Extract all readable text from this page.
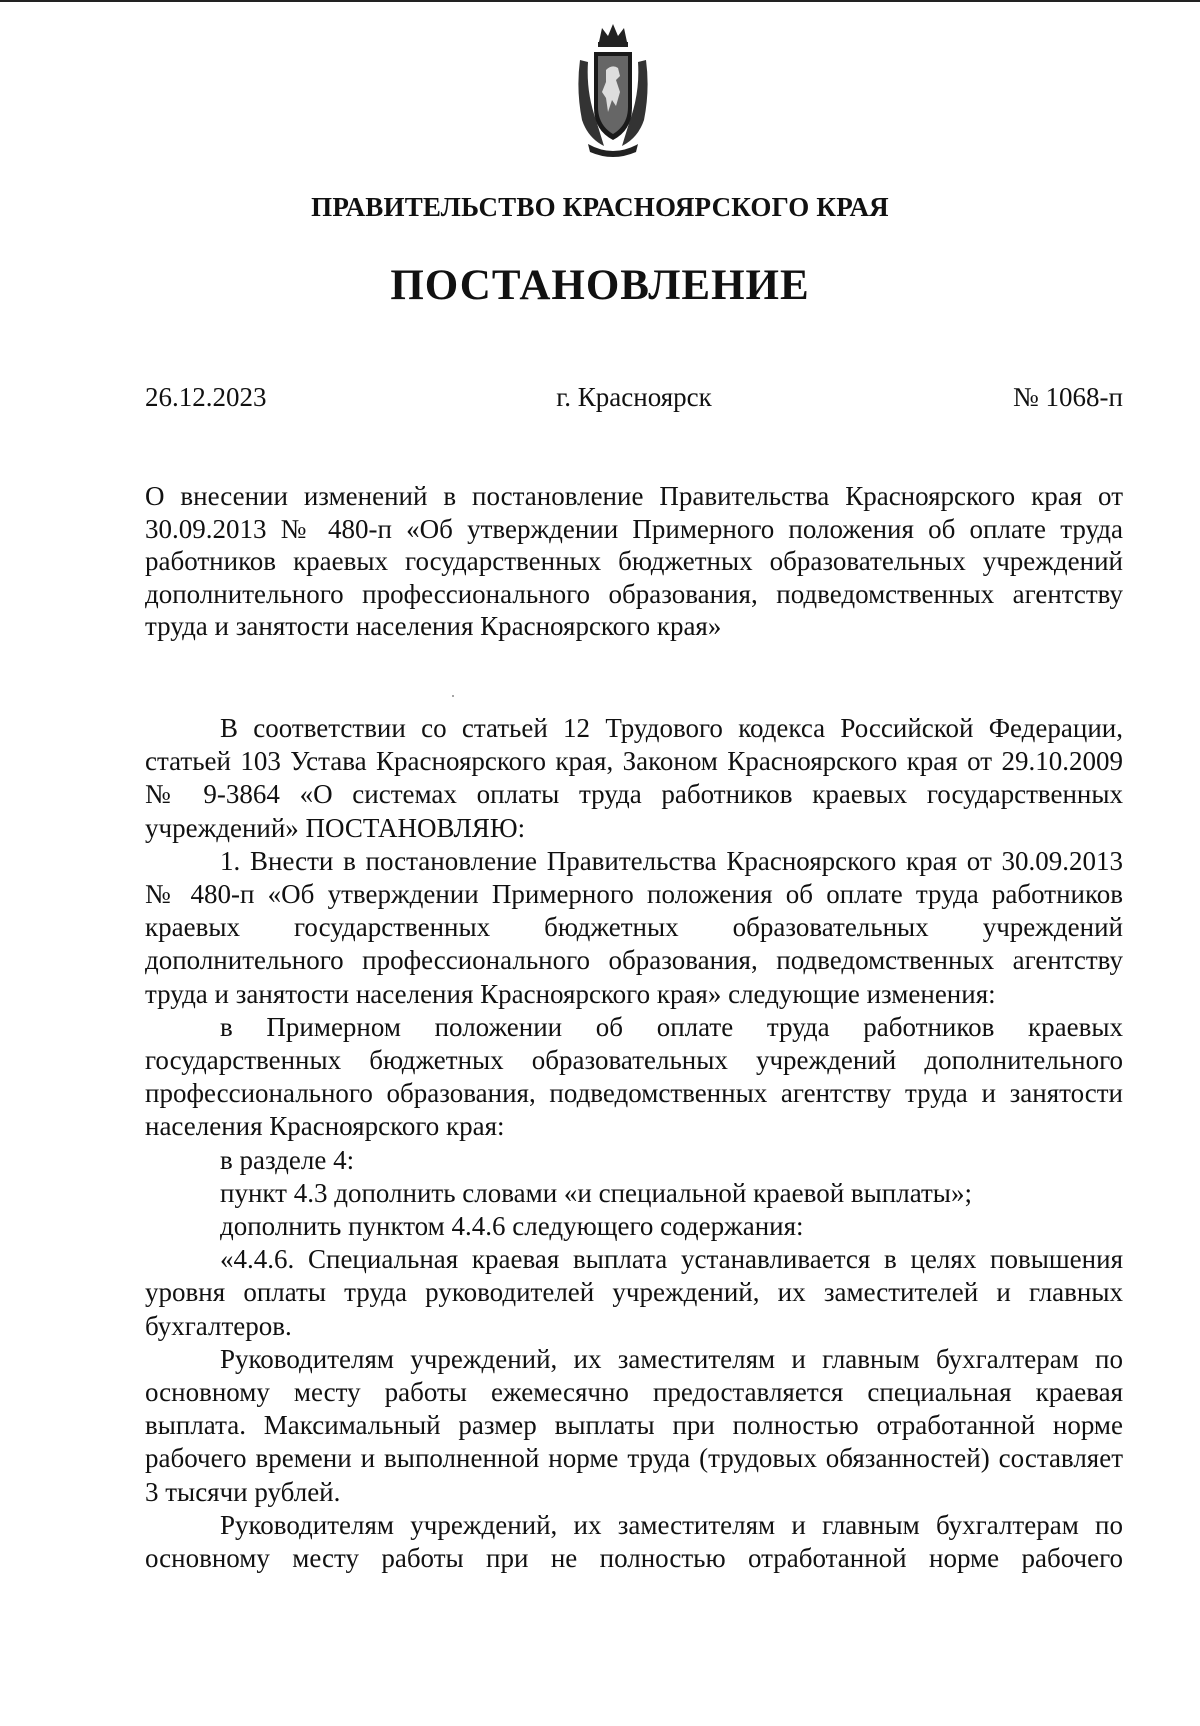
ПРАВИТЕЛЬСТВО КРАСНОЯРСКОГО КРАЯ
ПОСТАНОВЛЕНИЕ
г. Красноярск
26.12.2023	№ 1068-п
О внесении изменений в постановление Правительства Красноярского края от 30.09.2013 № 480-п «Об утверждении Примерного положения об оплате труда работников краевых государственных бюджетных образовательных учреждений дополнительного профессионального образования, подведомственных агентству труда и занятости населения Красноярского края»

В соответствии со статьей 12 Трудового кодекса Российской Федерации, статьей 103 Устава Красноярского края, Законом Красноярского края от 29.10.2009 № 9-3864 «О системах оплаты труда работников краевых государственных учреждений» ПОСТАНОВЛЯЮ:

1. Внести в постановление Правительства Красноярского края от 30.09.2013 № 480-п «Об утверждении Примерного положения об оплате труда работников краевых государственных бюджетных образовательных учреждений дополнительного профессионального образования, подведомственных агентству труда и занятости населения Красноярского края» следующие изменения:

в Примерном положении об оплате труда работников краевых государственных бюджетных образовательных учреждений дополнительного профессионального образования, подведомственных агентству труда и занятости населения Красноярского края:

в разделе 4:

пункт 4.3 дополнить словами «и специальной краевой выплаты»;

дополнить пунктом 4.4.6 следующего содержания:

«4.4.6. Специальная краевая выплата устанавливается в целях повышения уровня оплаты труда руководителей учреждений, их заместителей и главных бухгалтеров.

Руководителям учреждений, их заместителям и главным бухгалтерам по основному месту работы ежемесячно предоставляется специальная краевая выплата. Максимальный размер выплаты при полностью отработанной норме рабочего времени и выполненной норме труда (трудовых обязанностей) составляет 3 тысячи рублей.

Руководителям учреждений, их заместителям и главным бухгалтерам по основному месту работы при не полностью отработанной норме рабочего
